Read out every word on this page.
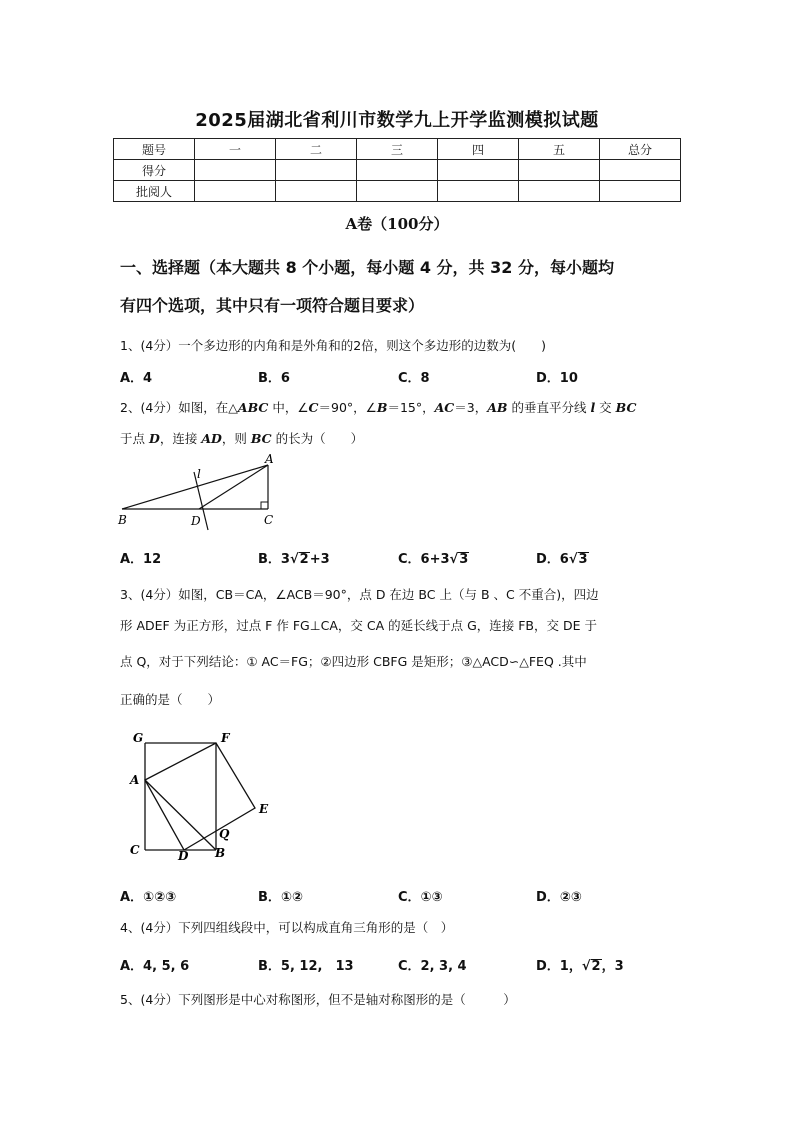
2025届湖北省利川市数学九上开学监测模拟试题
题号	一	二	三	四	五	总分
得分						
批阅人						
A卷（100分）
一、选择题（本大题共 8 个小题，每小题 4 分，共 32 分，每小题均
有四个选项，其中只有一项符合题目要求）
1、(4分）一个多边形的内角和是外角和的2倍，则这个多边形的边数为(　　)
A．4	B．6	C．8	D．10
2、(4分）如图，在△ABC 中，∠C＝90°，∠B＝15°，AC＝3，AB 的垂直平分线 l 交 BC
于点 D，连接 AD，则 BC 的长为（　　）
A
B	C
D
l
A．12	B．3√2+3	C．6+3√3	D．6√3
3、(4分）如图，CB＝CA，∠ACB＝90°，点 D 在边 BC 上（与 B 、C 不重合)，四边
形 ADEF 为正方形，过点 F 作 FG⊥CA，交 CA 的延长线于点 G，连接 FB，交 DE 于
点 Q，对于下列结论：① AC＝FG；②四边形 CBFG 是矩形；③△ACD∽△FEQ .其中
正确的是（　　）
G	F
A
E
Q
C	D B
A．①②③	B．①②	C．①③	D．②③
4、(4分）下列四组线段中，可以构成直角三角形的是（　）
A．4, 5, 6	B．5, 12,　13	C．2, 3, 4	D．1，√2，3
5、(4分）下列图形是中心对称图形，但不是轴对称图形的是（　　　）
